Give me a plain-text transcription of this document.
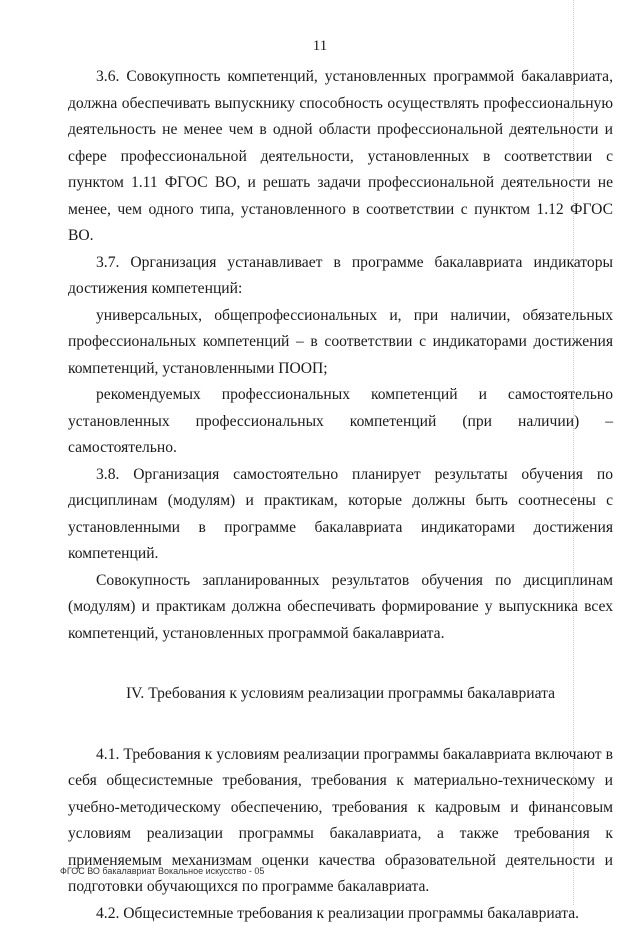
11

3.6. Совокупность компетенций, установленных программой бакалавриата, должна обеспечивать выпускнику способность осуществлять профессиональную деятельность не менее чем в одной области профессиональной деятельности и сфере профессиональной деятельности, установленных в соответствии с пунктом 1.11 ФГОС ВО, и решать задачи профессиональной деятельности не менее, чем одного типа, установленного в соответствии с пунктом 1.12 ФГОС ВО.

3.7. Организация устанавливает в программе бакалавриата индикаторы достижения компетенций:

универсальных, общепрофессиональных и, при наличии, обязательных профессиональных компетенций – в соответствии с индикаторами достижения компетенций, установленными ПООП;

рекомендуемых профессиональных компетенций и самостоятельно установленных профессиональных компетенций (при наличии) – самостоятельно.

3.8. Организация самостоятельно планирует результаты обучения по дисциплинам (модулям) и практикам, которые должны быть соотнесены с установленными в программе бакалавриата индикаторами достижения компетенций.

Совокупность запланированных результатов обучения по дисциплинам (модулям) и практикам должна обеспечивать формирование у выпускника всех компетенций, установленных программой бакалавриата.

IV. Требования к условиям реализации программы бакалавриата

4.1. Требования к условиям реализации программы бакалавриата включают в себя общесистемные требования, требования к материально-техническому и учебно-методическому обеспечению, требования к кадровым и финансовым условиям реализации программы бакалавриата, а также требования к применяемым механизмам оценки качества образовательной деятельности и подготовки обучающихся по программе бакалавриата.

4.2. Общесистемные требования к реализации программы бакалавриата.

ФГОС ВО бакалавриат Вокальное искусство - 05
